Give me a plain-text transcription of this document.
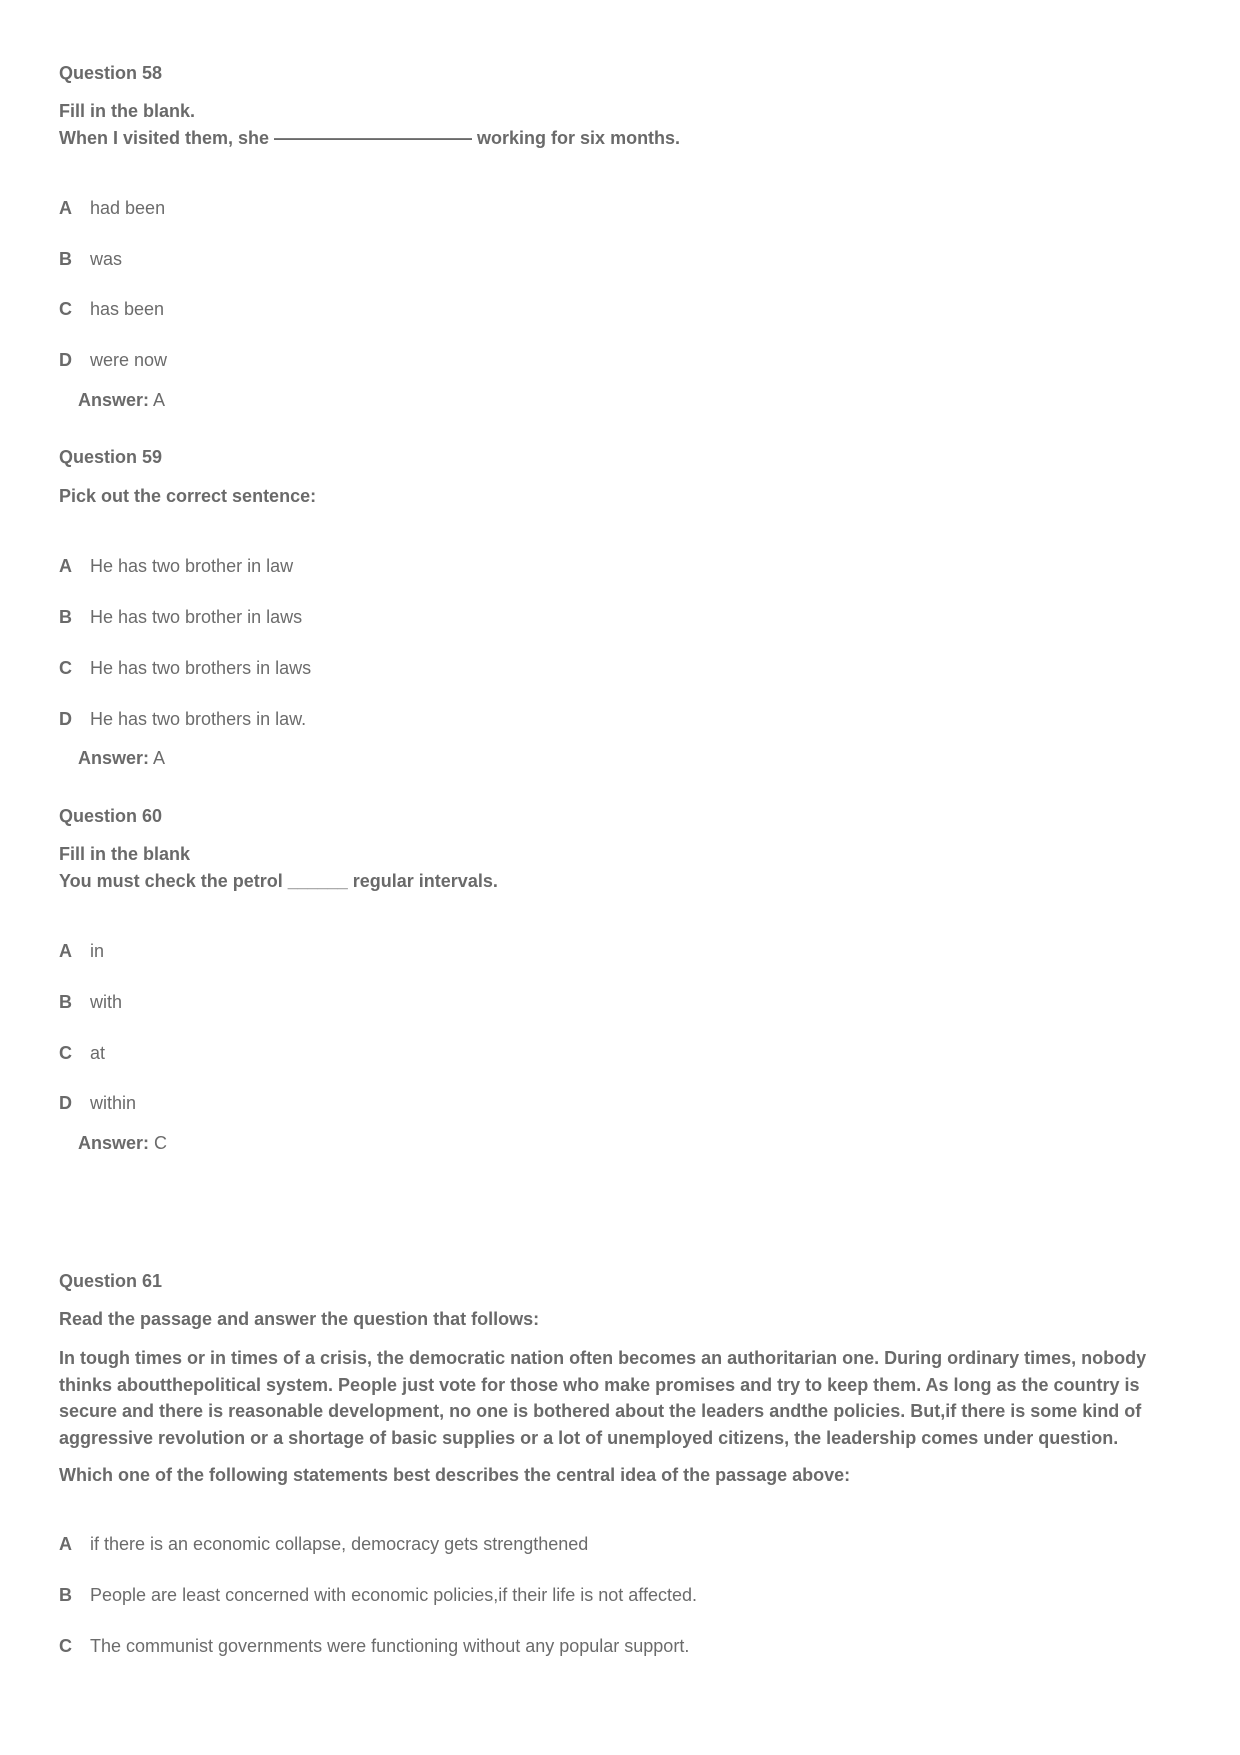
Question 58
Fill in the blank.
When I visited them, she ——————————— working for six months.
A had been
B was
C has been
D were now
Answer: A
Question 59
Pick out the correct sentence:
A He has two brother in law
B He has two brother in laws
C He has two brothers in laws
D He has two brothers in law.
Answer: A
Question 60
Fill in the blank
You must check the petrol ______ regular intervals.
A in
B with
C at
D within
Answer: C
Question 61
Read the passage and answer the question that follows:
In tough times or in times of a crisis, the democratic nation often becomes an authoritarian one. During ordinary times, nobody thinks aboutthepolitical system. People just vote for those who make promises and try to keep them. As long as the country is secure and there is reasonable development, no one is bothered about the leaders andthe policies. But,if there is some kind of aggressive revolution or a shortage of basic supplies or a lot of unemployed citizens, the leadership comes under question.
Which one of the following statements best describes the central idea of the passage above:
A if there is an economic collapse, democracy gets strengthened
B People are least concerned with economic policies,if their life is not affected.
C The communist governments were functioning without any popular support.
